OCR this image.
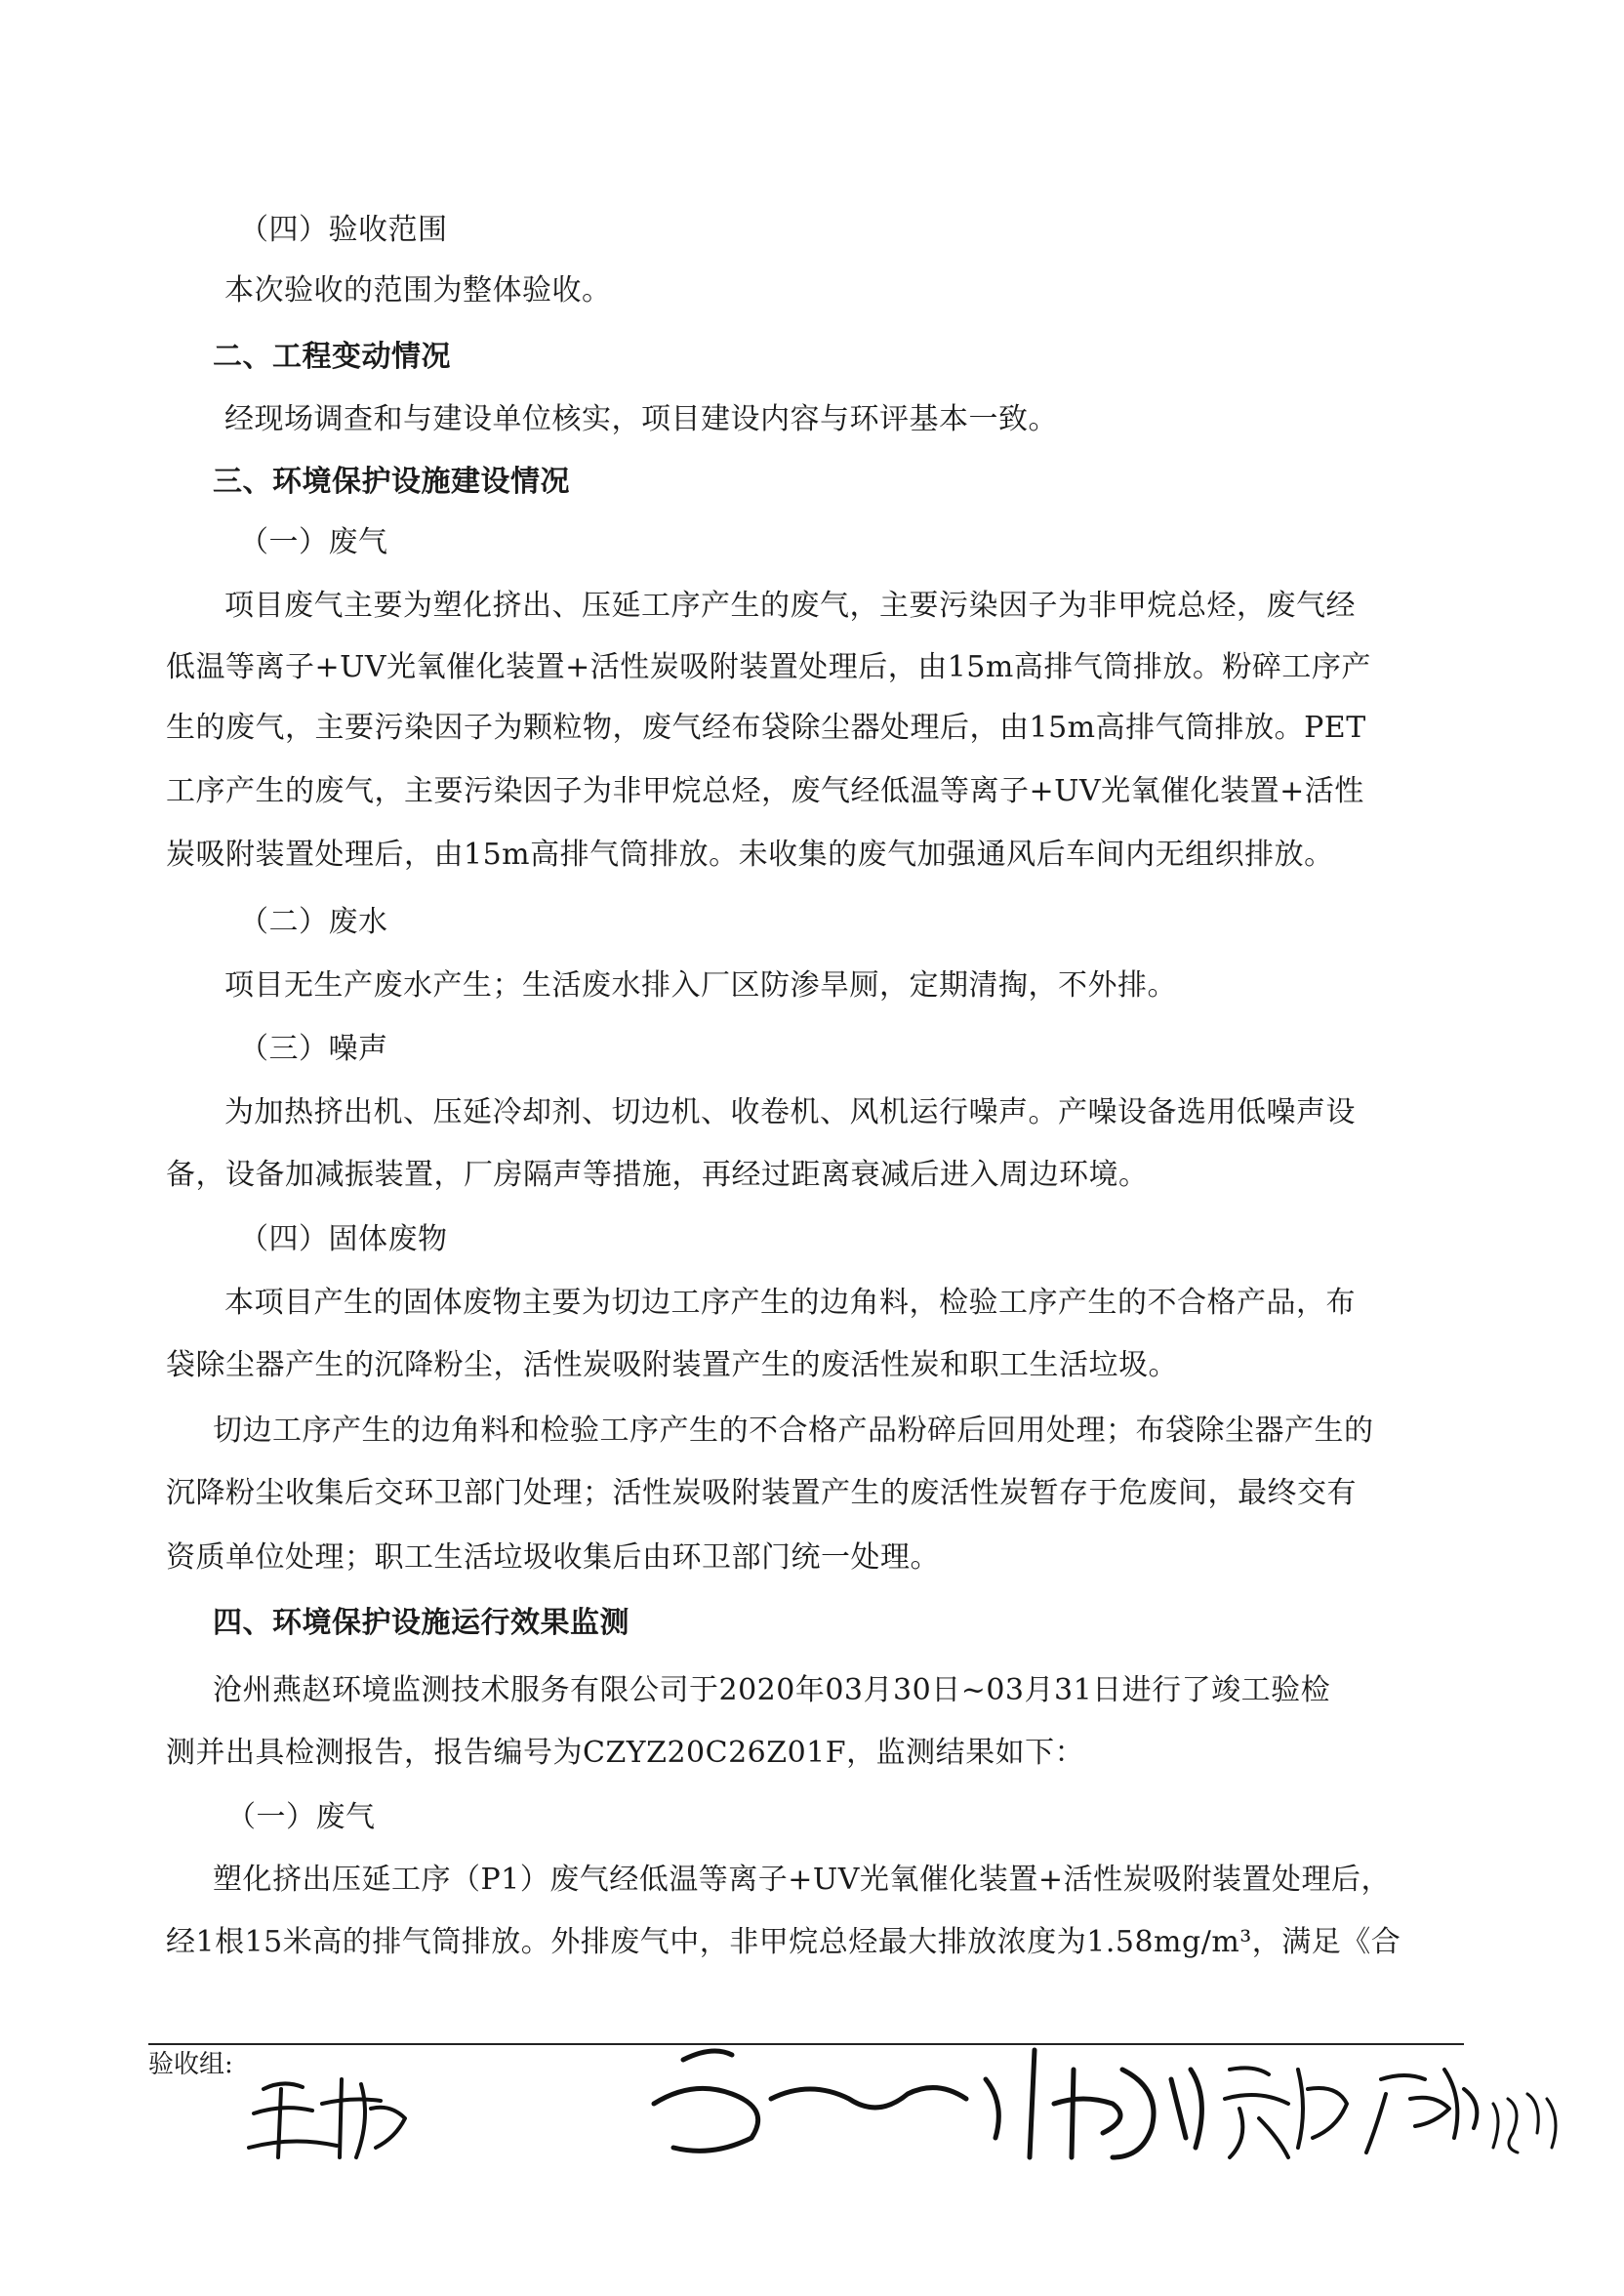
（四）验收范围
本次验收的范围为整体验收。
二、工程变动情况
经现场调查和与建设单位核实，项目建设内容与环评基本一致。
三、环境保护设施建设情况
（一）废气
项目废气主要为塑化挤出、压延工序产生的废气，主要污染因子为非甲烷总烃，废气经
低温等离子+UV光氧催化装置+活性炭吸附装置处理后，由15m高排气筒排放。粉碎工序产
生的废气，主要污染因子为颗粒物，废气经布袋除尘器处理后，由15m高排气筒排放。PET
工序产生的废气，主要污染因子为非甲烷总烃，废气经低温等离子+UV光氧催化装置+活性
炭吸附装置处理后，由15m高排气筒排放。未收集的废气加强通风后车间内无组织排放。
（二）废水
项目无生产废水产生；生活废水排入厂区防渗旱厕，定期清掏，不外排。
（三）噪声
为加热挤出机、压延冷却剂、切边机、收卷机、风机运行噪声。产噪设备选用低噪声设
备，设备加减振装置，厂房隔声等措施，再经过距离衰减后进入周边环境。
（四）固体废物
本项目产生的固体废物主要为切边工序产生的边角料，检验工序产生的不合格产品，布
袋除尘器产生的沉降粉尘，活性炭吸附装置产生的废活性炭和职工生活垃圾。
切边工序产生的边角料和检验工序产生的不合格产品粉碎后回用处理；布袋除尘器产生的
沉降粉尘收集后交环卫部门处理；活性炭吸附装置产生的废活性炭暂存于危废间，最终交有
资质单位处理；职工生活垃圾收集后由环卫部门统一处理。
四、环境保护设施运行效果监测
沧州燕赵环境监测技术服务有限公司于2020年03月30日~03月31日进行了竣工验检
测并出具检测报告，报告编号为CZYZ20C26Z01F，监测结果如下：
（一）废气
塑化挤出压延工序（P1）废气经低温等离子+UV光氧催化装置+活性炭吸附装置处理后，
经1根15米高的排气筒排放。外排废气中，非甲烷总烃最大排放浓度为1.58mg/m³，满足《合
验收组:
